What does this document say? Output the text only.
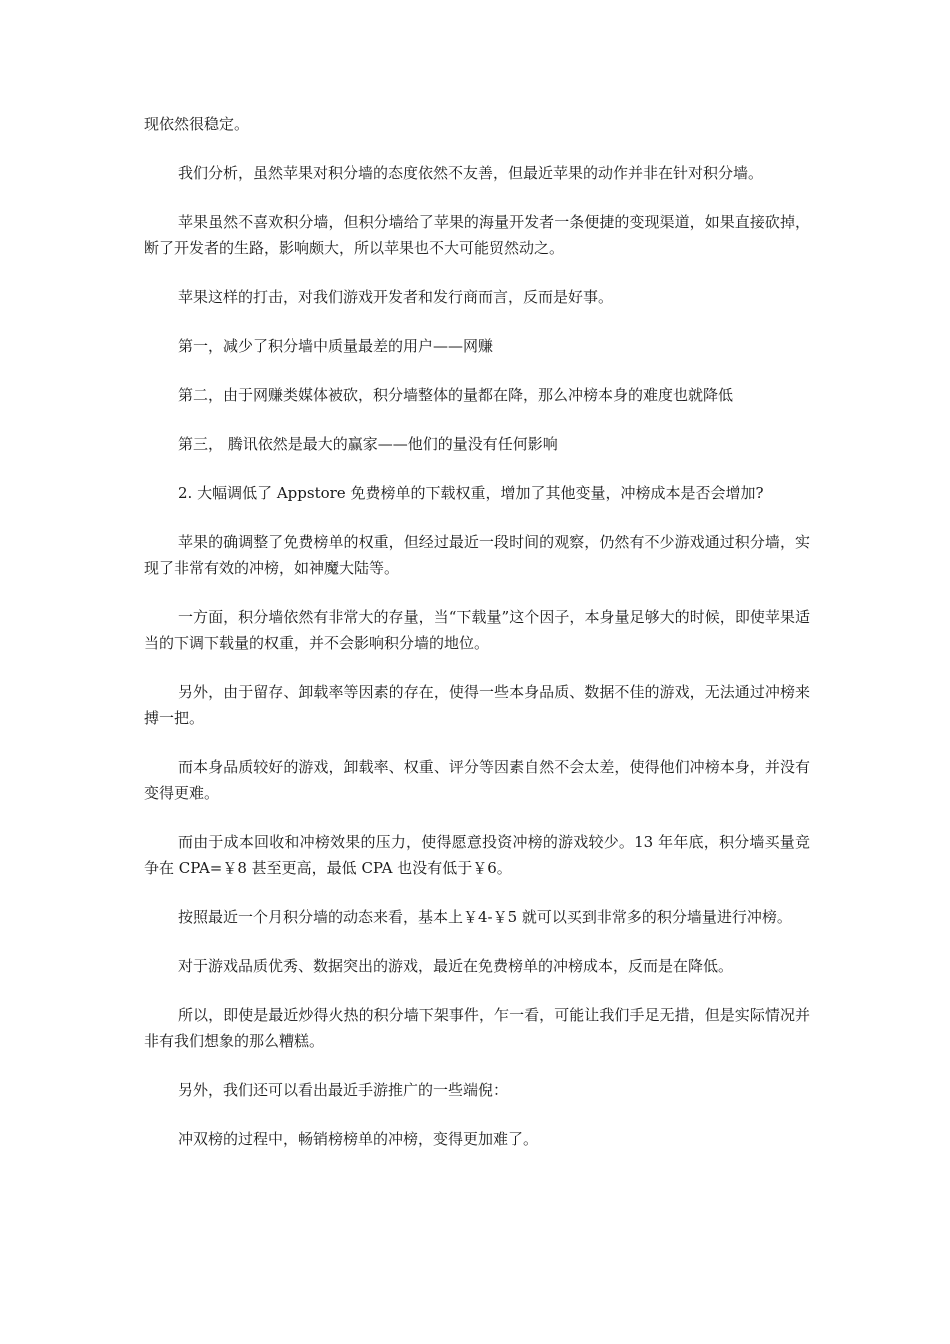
现依然很稳定。

我们分析，虽然苹果对积分墙的态度依然不友善，但最近苹果的动作并非在针对积分墙。

苹果虽然不喜欢积分墙，但积分墙给了苹果的海量开发者一条便捷的变现渠道，如果直接砍掉，断了开发者的生路，影响颇大，所以苹果也不大可能贸然动之。

苹果这样的打击，对我们游戏开发者和发行商而言，反而是好事。

第一，减少了积分墙中质量最差的用户——网赚

第二，由于网赚类媒体被砍，积分墙整体的量都在降，那么冲榜本身的难度也就降低

第三， 腾讯依然是最大的赢家——他们的量没有任何影响

2. 大幅调低了 Appstore 免费榜单的下载权重，增加了其他变量，冲榜成本是否会增加?

苹果的确调整了免费榜单的权重，但经过最近一段时间的观察，仍然有不少游戏通过积分墙，实现了非常有效的冲榜，如神魔大陆等。

一方面，积分墙依然有非常大的存量，当“下载量”这个因子，本身量足够大的时候，即使苹果适当的下调下载量的权重，并不会影响积分墙的地位。

另外，由于留存、卸载率等因素的存在，使得一些本身品质、数据不佳的游戏，无法通过冲榜来搏一把。

而本身品质较好的游戏，卸载率、权重、评分等因素自然不会太差，使得他们冲榜本身，并没有变得更难。

而由于成本回收和冲榜效果的压力，使得愿意投资冲榜的游戏较少。13 年年底，积分墙买量竞争在 CPA=￥8 甚至更高，最低 CPA 也没有低于￥6。

按照最近一个月积分墙的动态来看，基本上￥4-￥5 就可以买到非常多的积分墙量进行冲榜。

对于游戏品质优秀、数据突出的游戏，最近在免费榜单的冲榜成本，反而是在降低。

所以，即使是最近炒得火热的积分墙下架事件，乍一看，可能让我们手足无措，但是实际情况并非有我们想象的那么糟糕。

另外，我们还可以看出最近手游推广的一些端倪：

冲双榜的过程中，畅销榜榜单的冲榜，变得更加难了。
